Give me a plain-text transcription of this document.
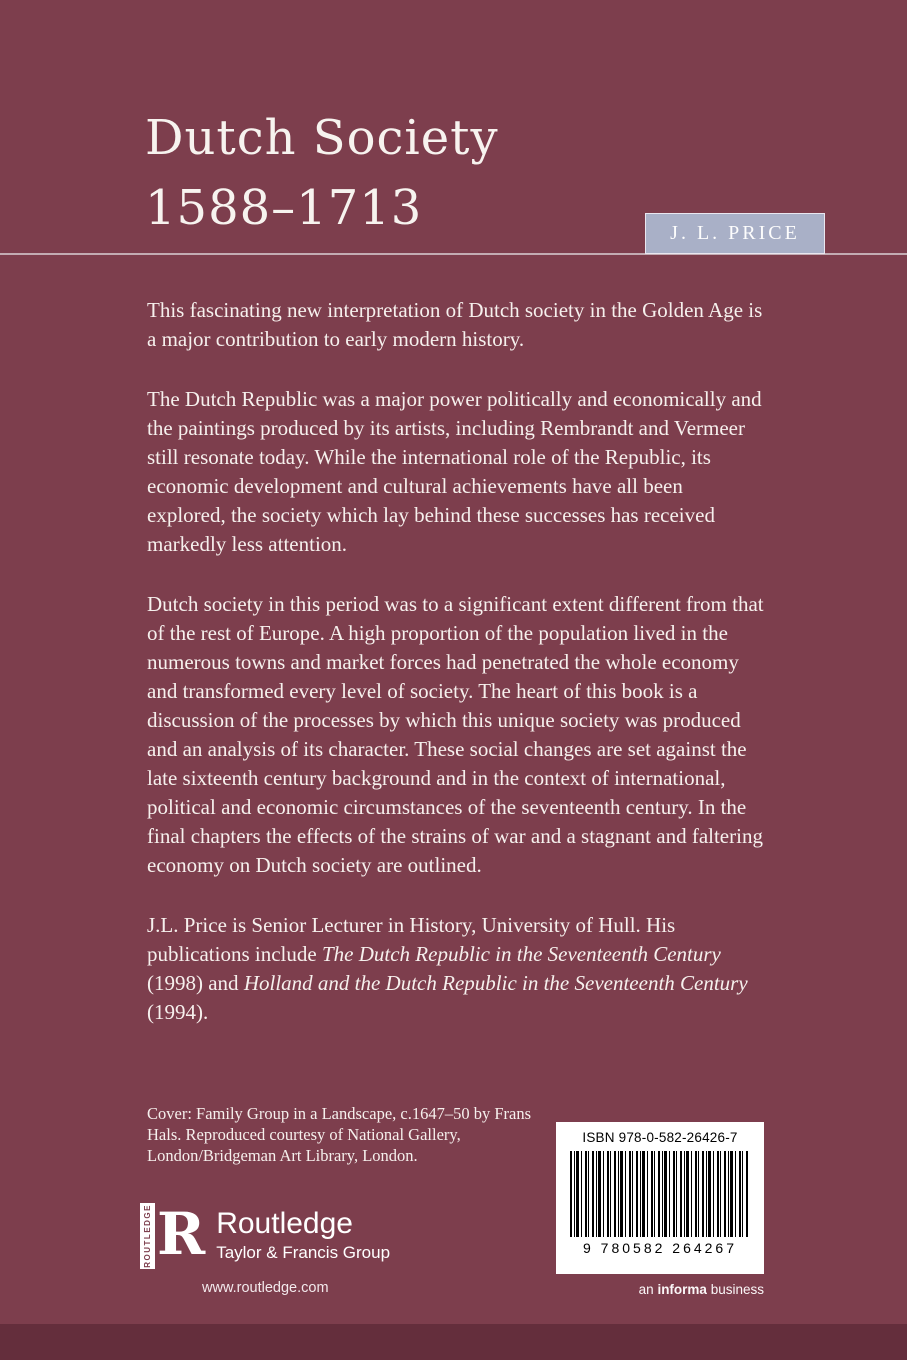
Dutch Society
1588–1713	J. L. PRICE

This fascinating new interpretation of Dutch society in the Golden Age is a major contribution to early modern history.

The Dutch Republic was a major power politically and economically and the paintings produced by its artists, including Rembrandt and Vermeer still resonate today. While the international role of the Republic, its economic development and cultural achievements have all been explored, the society which lay behind these successes has received markedly less attention.

Dutch society in this period was to a significant extent different from that of the rest of Europe. A high proportion of the population lived in the numerous towns and market forces had penetrated the whole economy and transformed every level of society. The heart of this book is a discussion of the processes by which this unique society was produced and an analysis of its character. These social changes are set against the late sixteenth century background and in the context of international, political and economic circumstances of the seventeenth century. In the final chapters the effects of the strains of war and a stagnant and faltering economy on Dutch society are outlined.

J.L. Price is Senior Lecturer in History, University of Hull. His publications include The Dutch Republic in the Seventeenth Century (1998) and Holland and the Dutch Republic in the Seventeenth Century (1994).

Cover: Family Group in a Landscape, c.1647–50 by Frans Hals. Reproduced courtesy of National Gallery, London/Bridgeman Art Library, London.
ISBN 978-0-582-26426-7
9 780582 264267
an informa business
ROUTLEDGE R Routledge
Taylor & Francis Group
www.routledge.com
